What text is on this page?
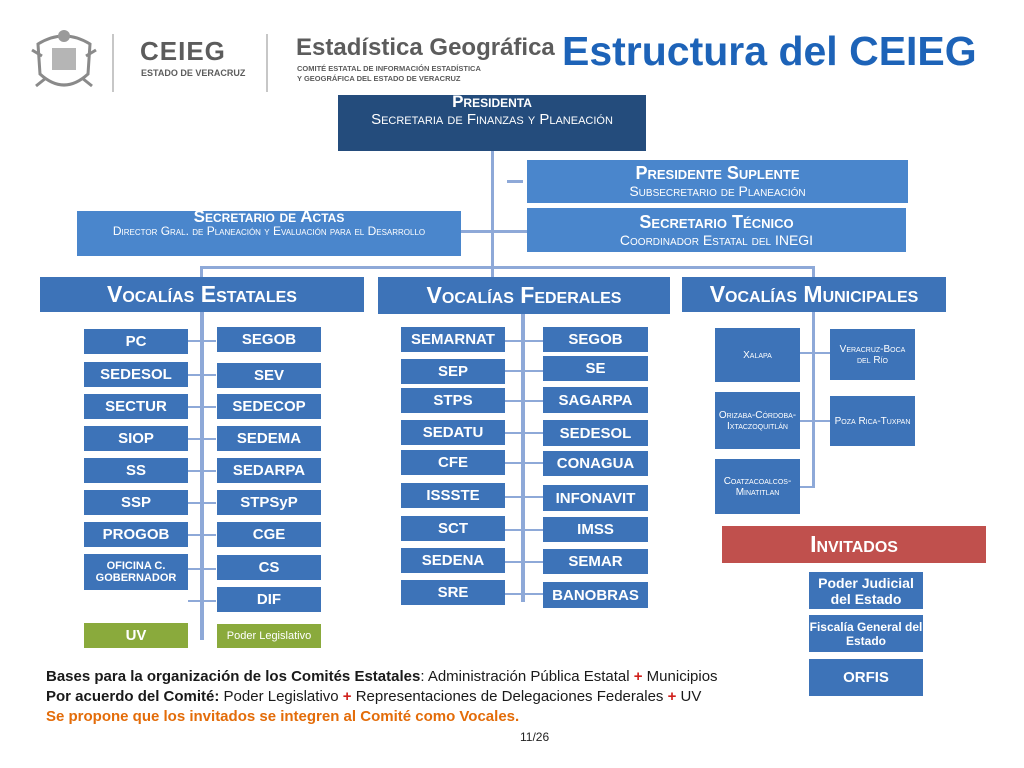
CEIEG
ESTADO DE VERACRUZ
Estadística Geográfica
COMITÉ ESTATAL DE INFORMACIÓN ESTADÍSTICA
Y GEOGRÁFICA DEL ESTADO DE VERACRUZ
Estructura del CEIEG
Presidenta
Secretaria de Finanzas y Planeación
Presidente Suplente
Subsecretario de Planeación
Secretario Técnico
Coordinador Estatal del INEGI
Secretario de Actas
Director Gral. de Planeación y Evaluación para el Desarrollo
Vocalías Estatales	Vocalías Federales	Vocalías Municipales
PC
SEDESOL
SECTUR
SIOP
SS
SSP
PROGOB
OFICINA C. GOBERNADOR
UV
SEGOB
SEV
SEDECOP
SEDEMA
SEDARPA
STPSyP
CGE
CS
DIF
Poder Legislativo
SEMARNAT
SEP
STPS
SEDATU
CFE
ISSSTE
SCT
SEDENA
SRE
SEGOB
SE
SAGARPA
SEDESOL
CONAGUA
INFONAVIT
IMSS
SEMAR
BANOBRAS
Xalapa
Veracruz-Boca del Río
Orizaba-Córdoba-Ixtaczoquitlán	Poza Rica-Tuxpan
Coatzacoalcos- Minatitlan
Invitados
Poder Judicial del Estado
Fiscalía General del Estado
ORFIS
Bases para la organización de los Comités Estatales: Administración Pública Estatal + Municipios
Por acuerdo del Comité: Poder Legislativo + Representaciones de Delegaciones Federales + UV
Se propone que los invitados se integren al Comité como Vocales.
11/26
